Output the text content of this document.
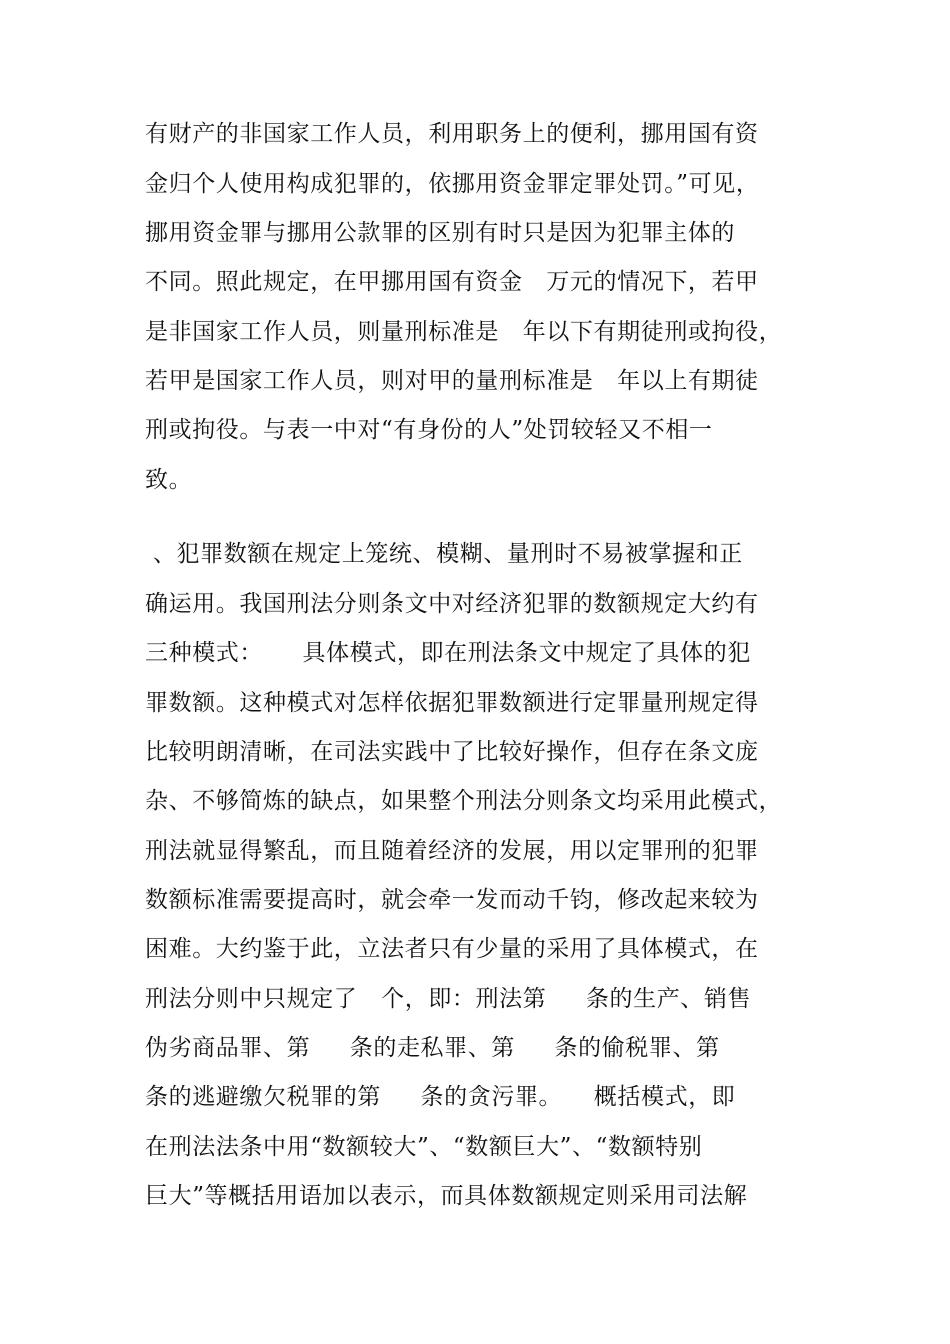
有财产的非国家工作人员，利用职务上的便利，挪用国有资
金归个人使用构成犯罪的，依挪用资金罪定罪处罚。”可见，
挪用资金罪与挪用公款罪的区别有时只是因为犯罪主体的
不同。照此规定，在甲挪用国有资金   万元的情况下，若甲
是非国家工作人员，则量刑标准是   年以下有期徒刑或拘役，
若甲是国家工作人员，则对甲的量刑标准是   年以上有期徒
刑或拘役。与表一中对“有身份的人”处罚较轻又不相一
致。
、犯罪数额在规定上笼统、模糊、量刑时不易被掌握和正
确运用。我国刑法分则条文中对经济犯罪的数额规定大约有
三种模式：     具体模式，即在刑法条文中规定了具体的犯
罪数额。这种模式对怎样依据犯罪数额进行定罪量刑规定得
比较明朗清晰，在司法实践中了比较好操作，但存在条文庞
杂、不够简炼的缺点，如果整个刑法分则条文均采用此模式，
刑法就显得繁乱，而且随着经济的发展，用以定罪刑的犯罪
数额标准需要提高时，就会牵一发而动千钧，修改起来较为
困难。大约鉴于此，立法者只有少量的采用了具体模式，在
刑法分则中只规定了   个，即：刑法第     条的生产、销售
伪劣商品罪、第     条的走私罪、第     条的偷税罪、第
条的逃避缴欠税罪的第     条的贪污罪。    概括模式，即
在刑法法条中用“数额较大”、“数额巨大”、“数额特别
巨大”等概括用语加以表示，而具体数额规定则采用司法解
